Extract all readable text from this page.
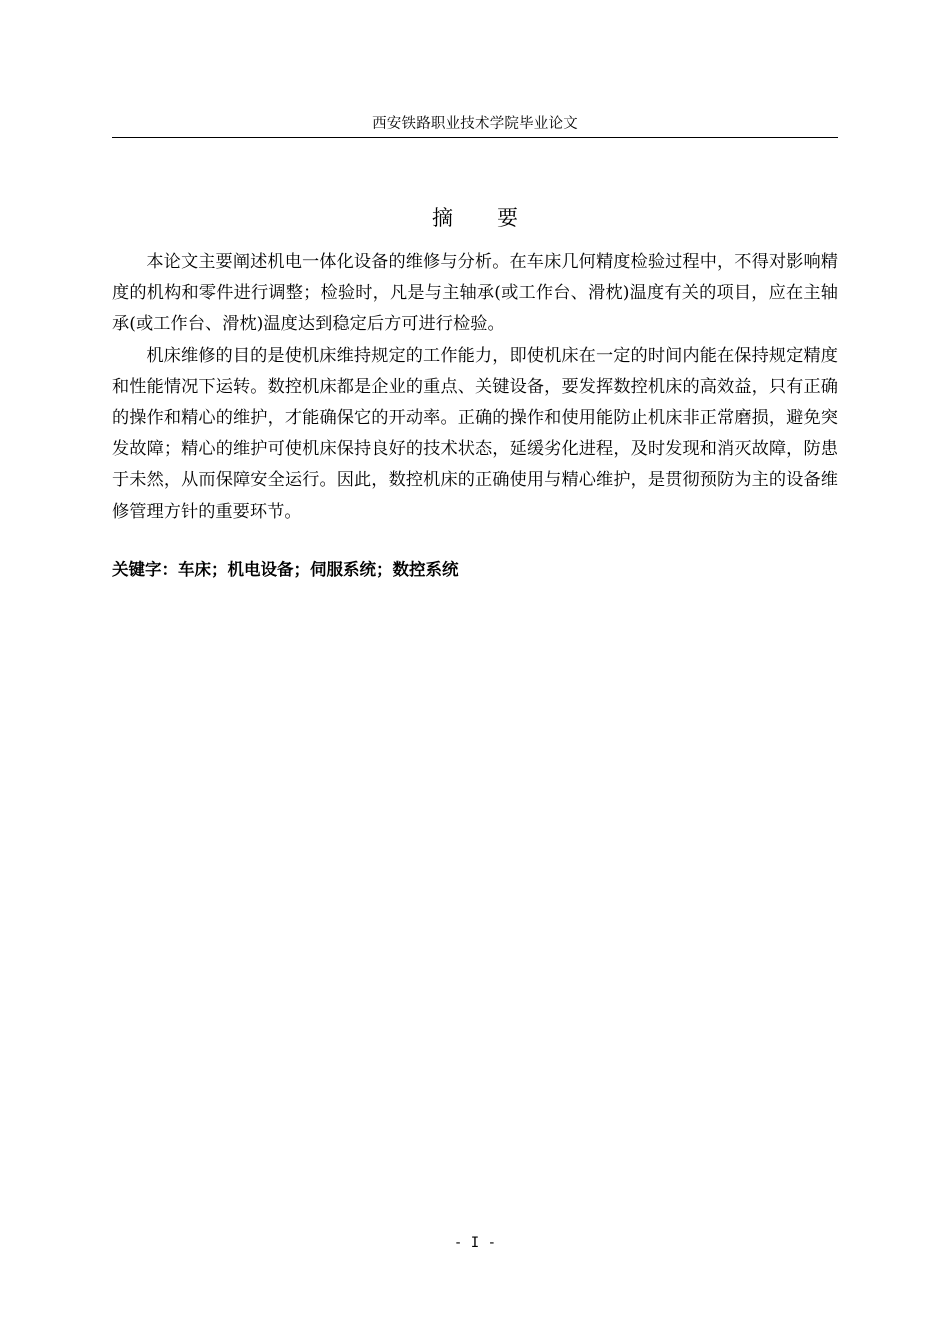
西安铁路职业技术学院毕业论文
摘 要

本论文主要阐述机电一体化设备的维修与分析。在车床几何精度检验过程中，不得对影响精度的机构和零件进行调整；检验时，凡是与主轴承(或工作台、滑枕)温度有关的项目，应在主轴承(或工作台、滑枕)温度达到稳定后方可进行检验。

机床维修的目的是使机床维持规定的工作能力，即使机床在一定的时间内能在保持规定精度和性能情况下运转。数控机床都是企业的重点、关键设备，要发挥数控机床的高效益，只有正确的操作和精心的维护，才能确保它的开动率。正确的操作和使用能防止机床非正常磨损，避免突发故障；精心的维护可使机床保持良好的技术状态，延缓劣化进程，及时发现和消灭故障，防患于未然，从而保障安全运行。因此，数控机床的正确使用与精心维护，是贯彻预防为主的设备维修管理方针的重要环节。

关键字：车床；机电设备；伺服系统；数控系统
- I -
